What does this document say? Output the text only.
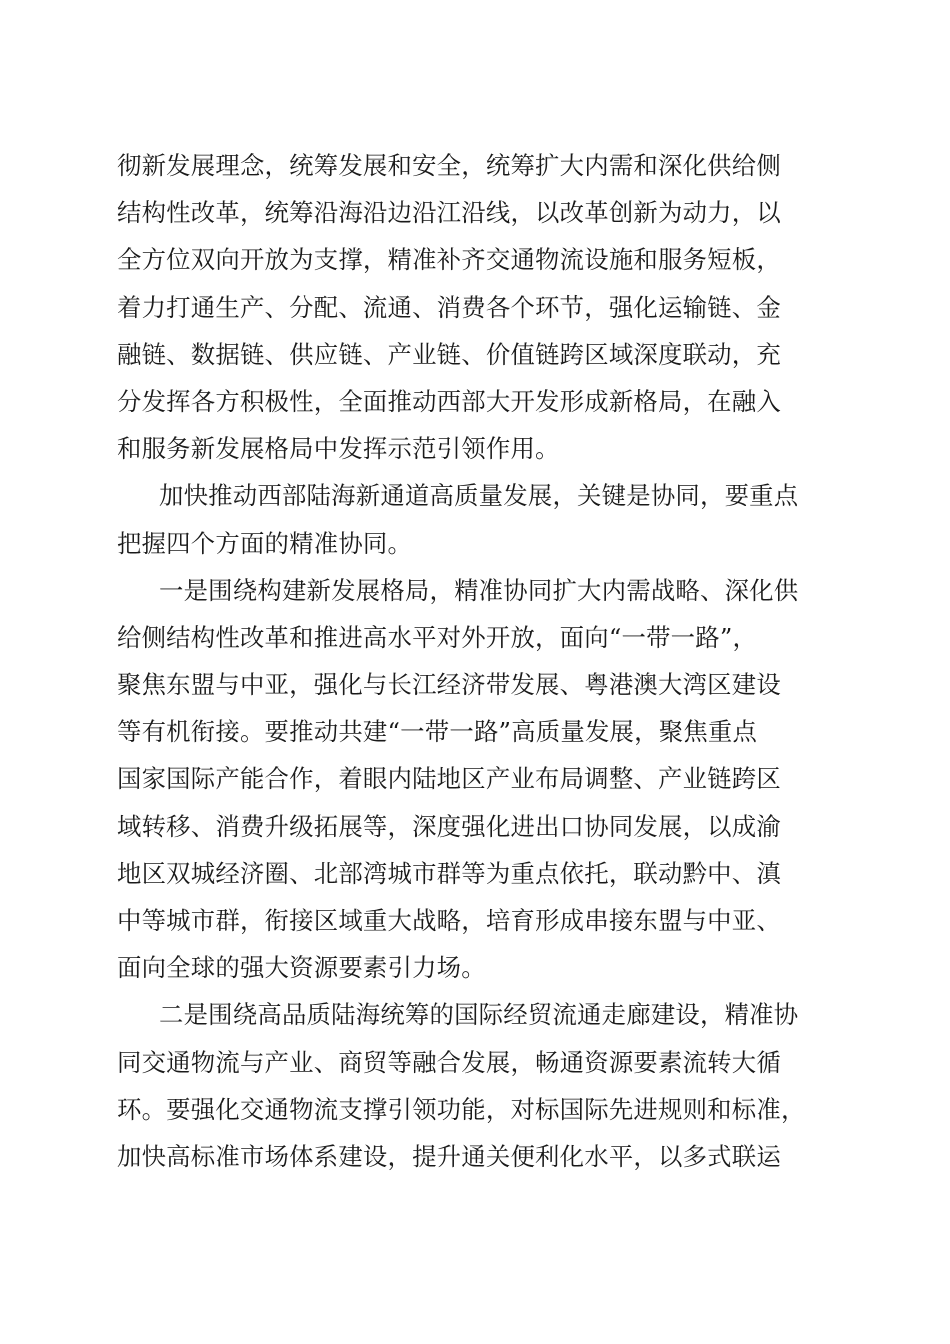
彻新发展理念，统筹发展和安全，统筹扩大内需和深化供给侧
结构性改革，统筹沿海沿边沿江沿线，以改革创新为动力，以
全方位双向开放为支撑，精准补齐交通物流设施和服务短板，
着力打通生产、分配、流通、消费各个环节，强化运输链、金
融链、数据链、供应链、产业链、价值链跨区域深度联动，充
分发挥各方积极性，全面推动西部大开发形成新格局，在融入
和服务新发展格局中发挥示范引领作用。
加快推动西部陆海新通道高质量发展，关键是协同，要重点
把握四个方面的精准协同。
一是围绕构建新发展格局，精准协同扩大内需战略、深化供
给侧结构性改革和推进高水平对外开放，面向“一带一路”，
聚焦东盟与中亚，强化与长江经济带发展、粤港澳大湾区建设
等有机衔接。要推动共建“一带一路”高质量发展，聚焦重点
国家国际产能合作，着眼内陆地区产业布局调整、产业链跨区
域转移、消费升级拓展等，深度强化进出口协同发展，以成渝
地区双城经济圈、北部湾城市群等为重点依托，联动黔中、滇
中等城市群，衔接区域重大战略，培育形成串接东盟与中亚、
面向全球的强大资源要素引力场。
二是围绕高品质陆海统筹的国际经贸流通走廊建设，精准协
同交通物流与产业、商贸等融合发展，畅通资源要素流转大循
环。要强化交通物流支撑引领功能，对标国际先进规则和标准，
加快高标准市场体系建设，提升通关便利化水平，以多式联运
